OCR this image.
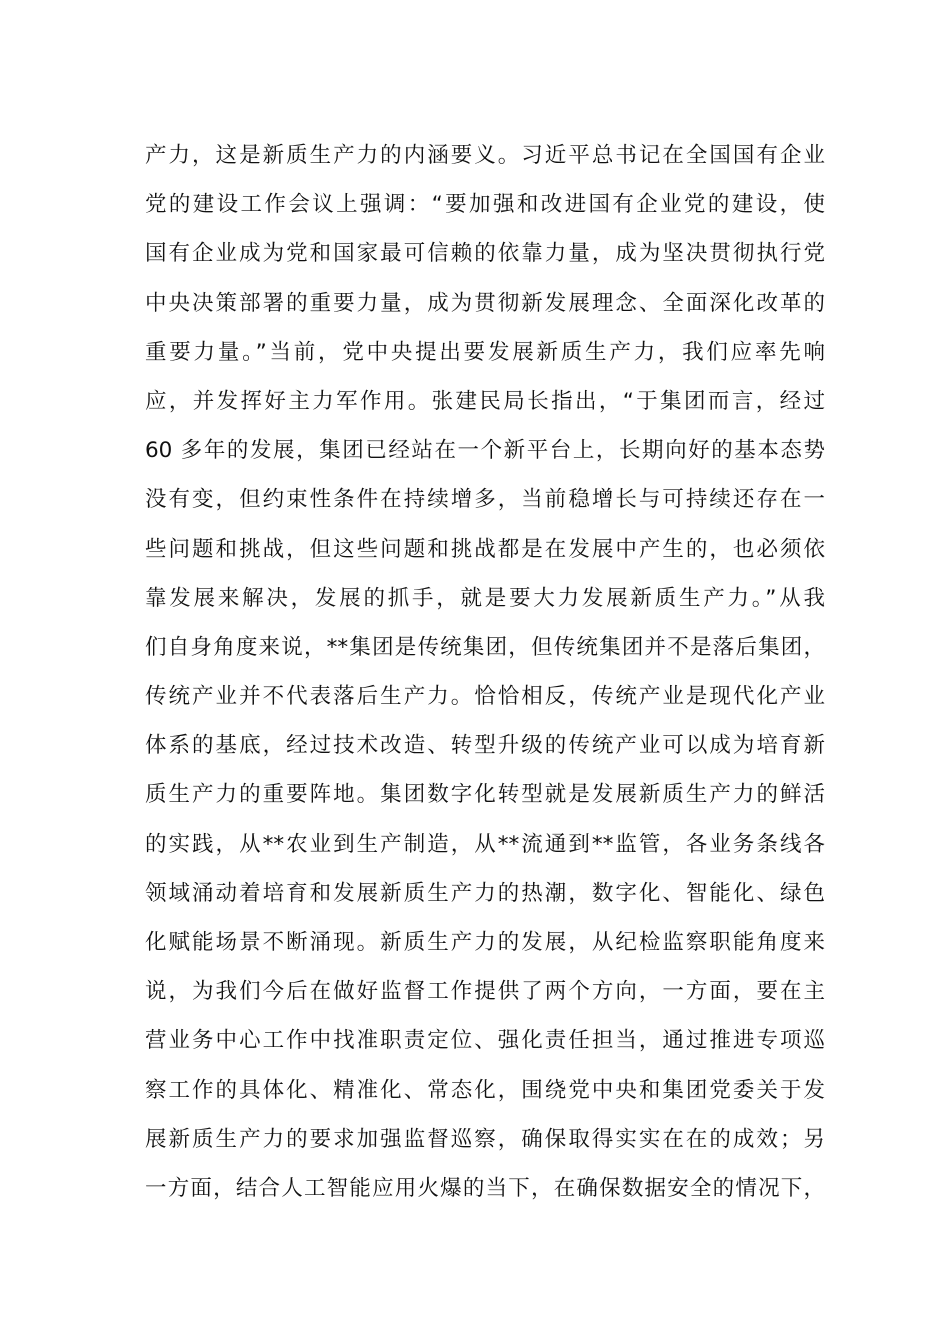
产力，这是新质生产力的内涵要义。习近平总书记在全国国有企业
党的建设工作会议上强调：“要加强和改进国有企业党的建设，使
国有企业成为党和国家最可信赖的依靠力量，成为坚决贯彻执行党
中央决策部署的重要力量，成为贯彻新发展理念、全面深化改革的
重要力量。”当前，党中央提出要发展新质生产力，我们应率先响
应，并发挥好主力军作用。张建民局长指出，“于集团而言，经过
60 多年的发展，集团已经站在一个新平台上，长期向好的基本态势
没有变，但约束性条件在持续增多，当前稳增长与可持续还存在一
些问题和挑战，但这些问题和挑战都是在发展中产生的，也必须依
靠发展来解决，发展的抓手，就是要大力发展新质生产力。”从我
们自身角度来说，**集团是传统集团，但传统集团并不是落后集团，
传统产业并不代表落后生产力。恰恰相反，传统产业是现代化产业
体系的基底，经过技术改造、转型升级的传统产业可以成为培育新
质生产力的重要阵地。集团数字化转型就是发展新质生产力的鲜活
的实践，从**农业到生产制造，从**流通到**监管，各业务条线各
领域涌动着培育和发展新质生产力的热潮，数字化、智能化、绿色
化赋能场景不断涌现。新质生产力的发展，从纪检监察职能角度来
说，为我们今后在做好监督工作提供了两个方向，一方面，要在主
营业务中心工作中找准职责定位、强化责任担当，通过推进专项巡
察工作的具体化、精准化、常态化，围绕党中央和集团党委关于发
展新质生产力的要求加强监督巡察，确保取得实实在在的成效；另
一方面，结合人工智能应用火爆的当下，在确保数据安全的情况下，
